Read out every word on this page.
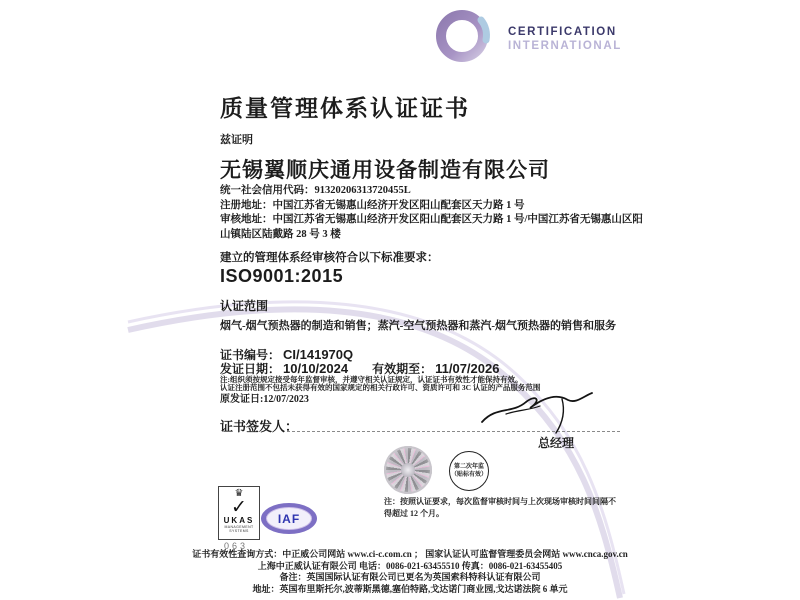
CERTIFICATION
INTERNATIONAL
质量管理体系认证证书
兹证明
无锡翼顺庆通用设备制造有限公司
统一社会信用代码：91320206313720455L
注册地址：中国江苏省无锡惠山经济开发区阳山配套区天力路 1 号
审核地址：中国江苏省无锡惠山经济开发区阳山配套区天力路 1 号/中国江苏省无锡惠山区阳山镇陆区陆戴路 28 号 3 楼
建立的管理体系经审核符合以下标准要求：
ISO9001:2015
认证范围
烟气-烟气预热器的制造和销售；蒸汽-空气预热器和蒸汽-烟气预热器的销售和服务
证书编号： CI/141970Q
发证日期： 10/10/2024 有效期至： 11/07/2026
注:组织须按规定接受每年监督审核，并遵守相关认证规定，认证证书有效性才能保持有效。
认证注册范围不包括未获得有效的国家规定的相关行政许可、资质许可和 3C 认证的产品服务范围
原发证日:12/07/2023
证书签发人：
总经理
♛
✓
UKAS
MANAGEMENT
SYSTEMS
063
IAF
第二次年监
（贴标有效）
注：按照认证要求，每次监督审核时间与上次现场审核时间间隔不得超过 12 个月。
证书有效性查询方式：中正威公司网站 www.ci-c.com.cn ； 国家认证认可监督管理委员会网站 www.cnca.gov.cn
上海中正威认证有限公司 电话：0086-021-63455510 传真：0086-021-63455405
备注：英国国际认证有限公司已更名为英国索科特科认证有限公司
地址：英国布里斯托尔,波蒂斯黑德,塞伯特路,戈达诺门商业园,戈达诺法院 6 单元
